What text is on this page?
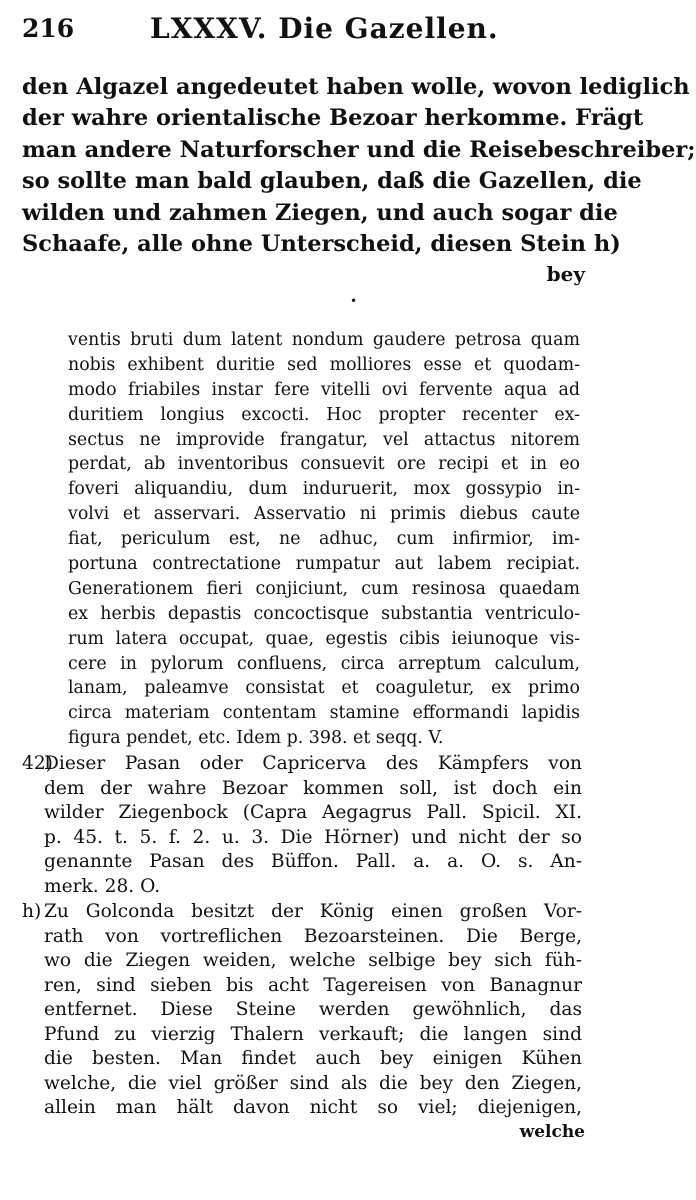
216	LXXXV. Die Gazellen.
den Algazel angedeutet haben wolle, wovon lediglich
der wahre orientalische Bezoar herkomme. Frägt
man andere Naturforscher und die Reisebeschreiber;
so sollte man bald glauben, daß die Gazellen, die
wilden und zahmen Ziegen, und auch sogar die
Schaafe, alle ohne Unterscheid, diesen Stein h)
bey
•
ventis bruti dum latent nondum gaudere petrosa quam
nobis exhibent duritie sed molliores esse et quodam-
modo friabiles instar fere vitelli ovi fervente aqua ad
duritiem longius excocti. Hoc propter recenter ex-
sectus ne improvide frangatur, vel attactus nitorem
perdat, ab inventoribus consuevit ore recipi et in eo
foveri aliquandiu, dum induruerit, mox gossypio in-
volvi et asservari. Asservatio ni primis diebus caute
fiat, periculum est, ne adhuc, cum infirmior, im-
portuna contrectatione rumpatur aut labem recipiat.
Generationem fieri conjiciunt, cum resinosa quaedam
ex herbis depastis concoctisque substantia ventriculo-
rum latera occupat, quae, egestis cibis ieiunoque vis-
cere in pylorum confluens, circa arreptum calculum,
lanam, paleamve consistat et coaguletur, ex primo
circa materiam contentam stamine efformandi lapidis
figura pendet, etc. Idem p. 398. et seqq. V.
42)
Dieser Pasan oder Capricerva des Kämpfers von
dem der wahre Bezoar kommen soll, ist doch ein
wilder Ziegenbock (Capra Aegagrus Pall. Spicil. XI.
p. 45. t. 5. f. 2. u. 3. Die Hörner) und nicht der so
genannte Pasan des Büffon. Pall. a. a. O. s. An-
merk. 28. O.
h) Zu Golconda besitzt der König einen großen Vor-
rath von vortreflichen Bezoarsteinen. Die Berge,
wo die Ziegen weiden, welche selbige bey sich füh-
ren, sind sieben bis acht Tagereisen von Banagnur
entfernet. Diese Steine werden gewöhnlich, das
Pfund zu vierzig Thalern verkauft; die langen sind
die besten. Man findet auch bey einigen Kühen
welche, die viel größer sind als die bey den Ziegen,
allein man hält davon nicht so viel; diejenigen,
welche
